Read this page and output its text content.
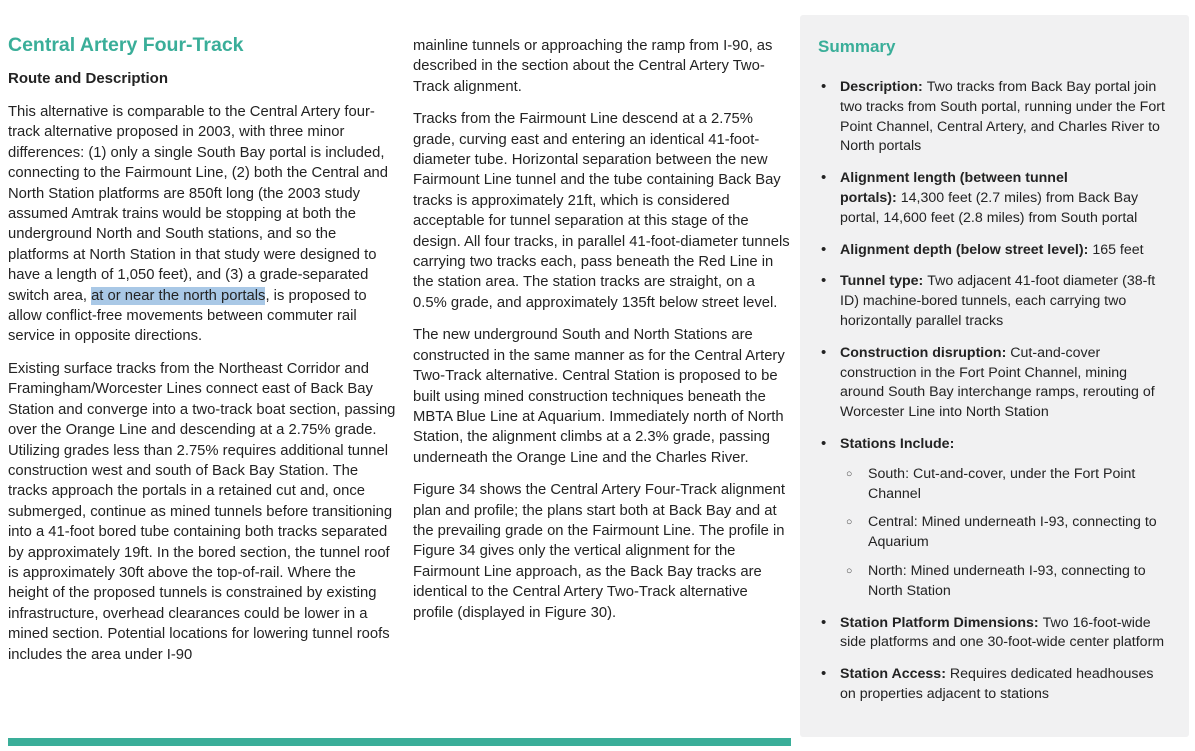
Central Artery Four-Track
Route and Description

This alternative is comparable to the Central Artery four-track alternative proposed in 2003, with three minor differences: (1) only a single South Bay portal is included, connecting to the Fairmount Line, (2) both the Central and North Station platforms are 850ft long (the 2003 study assumed Amtrak trains would be stopping at both the underground North and South stations, and so the platforms at North Station in that study were designed to have a length of 1,050 feet), and (3) a grade-separated switch area, at or near the north portals, is proposed to allow conflict-free movements between commuter rail service in opposite directions.

Existing surface tracks from the Northeast Corridor and Framingham/Worcester Lines connect east of Back Bay Station and converge into a two-track boat section, passing over the Orange Line and descending at a 2.75% grade. Utilizing grades less than 2.75% requires additional tunnel construction west and south of Back Bay Station. The tracks approach the portals in a retained cut and, once submerged, continue as mined tunnels before transitioning into a 41-foot bored tube containing both tracks separated by approximately 19ft. In the bored section, the tunnel roof is approximately 30ft above the top-of-rail. Where the height of the proposed tunnels is constrained by existing infrastructure, overhead clearances could be lower in a mined section. Potential locations for lowering tunnel roofs includes the area under I-90

mainline tunnels or approaching the ramp from I-90, as described in the section about the Central Artery Two-Track alignment.

Tracks from the Fairmount Line descend at a 2.75% grade, curving east and entering an identical 41-foot-diameter tube. Horizontal separation between the new Fairmount Line tunnel and the tube containing Back Bay tracks is approximately 21ft, which is considered acceptable for tunnel separation at this stage of the design. All four tracks, in parallel 41-foot-diameter tunnels carrying two tracks each, pass beneath the Red Line in the station area. The station tracks are straight, on a 0.5% grade, and approximately 135ft below street level.

The new underground South and North Stations are constructed in the same manner as for the Central Artery Two-Track alternative. Central Station is proposed to be built using mined construction techniques beneath the MBTA Blue Line at Aquarium. Immediately north of North Station, the alignment climbs at a 2.3% grade, passing underneath the Orange Line and the Charles River.

Figure 34 shows the Central Artery Four-Track alignment plan and profile; the plans start both at Back Bay and at the prevailing grade on the Fairmount Line. The profile in Figure 34 gives only the vertical alignment for the Fairmount Line approach, as the Back Bay tracks are identical to the Central Artery Two-Track alternative profile (displayed in Figure 30).

Summary
• Description: Two tracks from Back Bay portal join two tracks from South portal, running under the Fort Point Channel, Central Artery, and Charles River to North portals
• Alignment length (between tunnel portals): 14,300 feet (2.7 miles) from Back Bay portal, 14,600 feet (2.8 miles) from South portal
• Alignment depth (below street level): 165 feet
• Tunnel type: Two adjacent 41-foot diameter (38-ft ID) machine-bored tunnels, each carrying two horizontally parallel tracks
• Construction disruption: Cut-and-cover construction in the Fort Point Channel, mining around South Bay interchange ramps, rerouting of Worcester Line into North Station
• Stations Include:
○ South: Cut-and-cover, under the Fort Point Channel
○ Central: Mined underneath I-93, connecting to Aquarium
○ North: Mined underneath I-93, connecting to North Station
• Station Platform Dimensions: Two 16-foot-wide side platforms and one 30-foot-wide center platform
• Station Access: Requires dedicated headhouses on properties adjacent to stations
